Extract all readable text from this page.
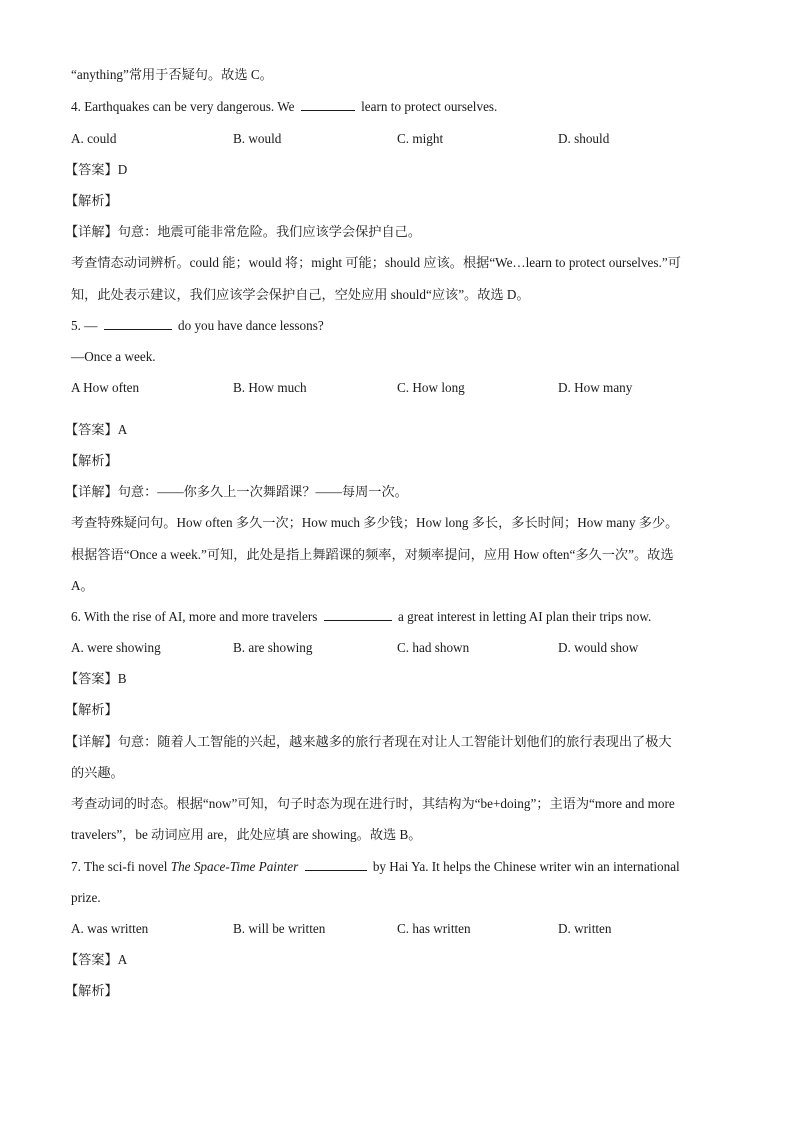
“anything”常用于否疑句。故选 C。
4. Earthquakes can be very dangerous. We	learn to protect ourselves.
A. could	B. would	C. might	D. should
【答案】D
【解析】
【详解】句意：地震可能非常危险。我们应该学会保护自己。
考查情态动词辨析。could 能；would 将；might 可能；should 应该。根据“We…learn to protect ourselves.”可
知，此处表示建议，我们应该学会保护自己，空处应用 should“应该”。故选 D。
5. —	do you have dance lessons?
—Once a week.
A How often	B. How much	C. How long	D. How many
【答案】A
【解析】
【详解】句意：——你多久上一次舞蹈课？——每周一次。
考查特殊疑问句。How often 多久一次；How much 多少钱；How long 多长，多长时间；How many 多少。
根据答语“Once a week.”可知，此处是指上舞蹈课的频率，对频率提问，应用 How often“多久一次”。故选
A。
6. With the rise of AI, more and more travelers	a great interest in letting AI plan their trips now.
A. were showing	B. are showing	C. had shown	D. would show
【答案】B
【解析】
【详解】句意：随着人工智能的兴起，越来越多的旅行者现在对让人工智能计划他们的旅行表现出了极大
的兴趣。
考查动词的时态。根据“now”可知，句子时态为现在进行时，其结构为“be+doing”；主语为“more and more
travelers”，be 动词应用 are，此处应填 are showing。故选 B。
7. The sci-fi novel The Space-Time Painter	by Hai Ya. It helps the Chinese writer win an international
prize.
A. was written	B. will be written	C. has written	D. written
【答案】A
【解析】
